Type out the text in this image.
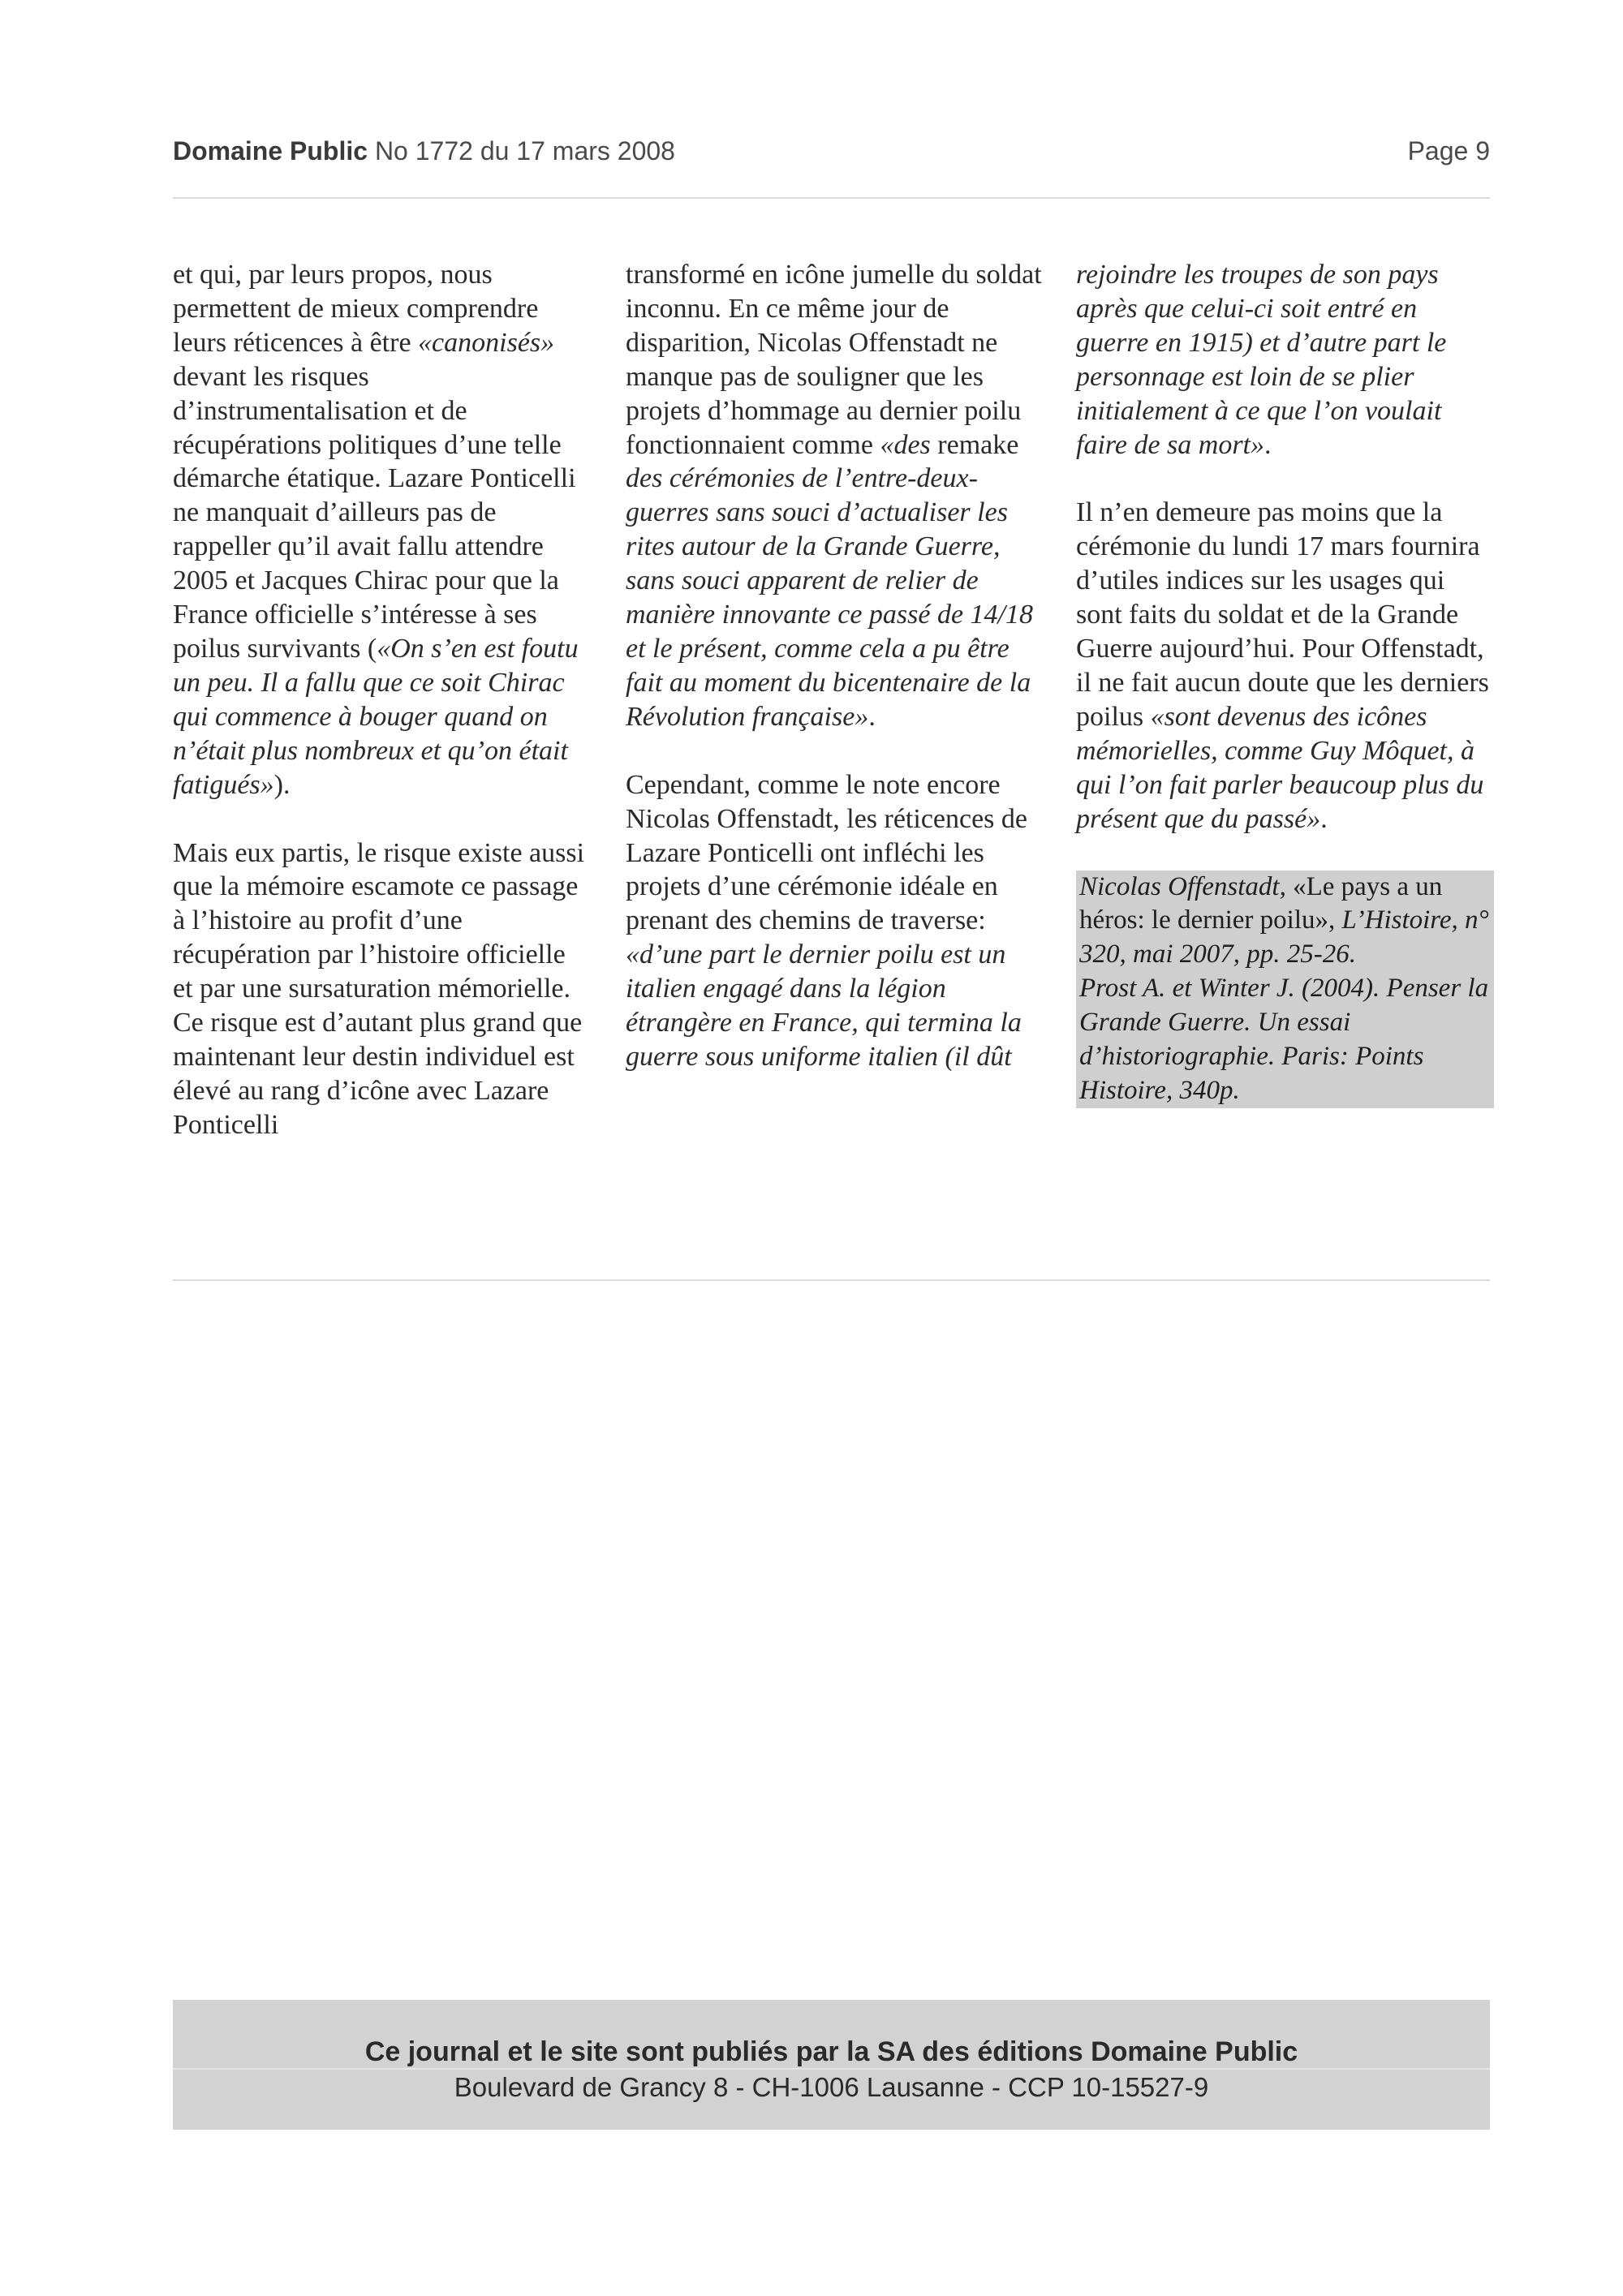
Domaine Public No 1772 du 17 mars 2008	Page 9

et qui, par leurs propos, nous permettent de mieux comprendre leurs réticences à être «canonisés» devant les risques d’instrumentalisation et de récupérations politiques d’une telle démarche étatique. Lazare Ponticelli ne manquait d’ailleurs pas de rappeller qu’il avait fallu attendre 2005 et Jacques Chirac pour que la France officielle s’intéresse à ses poilus survivants («On s’en est foutu un peu. Il a fallu que ce soit Chirac qui commence à bouger quand on n’était plus nombreux et qu’on était fatigués»).

Mais eux partis, le risque existe aussi que la mémoire escamote ce passage à l’histoire au profit d’une récupération par l’histoire officielle et par une sursaturation mémorielle. Ce risque est d’autant plus grand que maintenant leur destin individuel est élevé au rang d’icône avec Lazare Ponticelli

transformé en icône jumelle du soldat inconnu. En ce même jour de disparition, Nicolas Offenstadt ne manque pas de souligner que les projets d’hommage au dernier poilu fonctionnaient comme «des remake des cérémonies de l’entre-deux-guerres sans souci d’actualiser les rites autour de la Grande Guerre, sans souci apparent de relier de manière innovante ce passé de 14/18 et le présent, comme cela a pu être fait au moment du bicentenaire de la Révolution française».

Cependant, comme le note encore Nicolas Offenstadt, les réticences de Lazare Ponticelli ont infléchi les projets d’une cérémonie idéale en prenant des chemins de traverse: «d’une part le dernier poilu est un italien engagé dans la légion étrangère en France, qui termina la guerre sous uniforme italien (il dût

rejoindre les troupes de son pays après que celui-ci soit entré en guerre en 1915) et d’autre part le personnage est loin de se plier initialement à ce que l’on voulait faire de sa mort».

Il n’en demeure pas moins que la cérémonie du lundi 17 mars fournira d’utiles indices sur les usages qui sont faits du soldat et de la Grande Guerre aujourd’hui. Pour Offenstadt, il ne fait aucun doute que les derniers poilus «sont devenus des icônes mémorielles, comme Guy Môquet, à qui l’on fait parler beaucoup plus du présent que du passé».

Nicolas Offenstadt, «Le pays a un héros: le dernier poilu», L’Histoire, n° 320, mai 2007, pp. 25-26.
Prost A. et Winter J. (2004). Penser la Grande Guerre. Un essai d’historiographie. Paris: Points Histoire, 340p.
Ce journal et le site sont publiés par la SA des éditions Domaine Public
Boulevard de Grancy 8 - CH-1006 Lausanne - CCP 10-15527-9
